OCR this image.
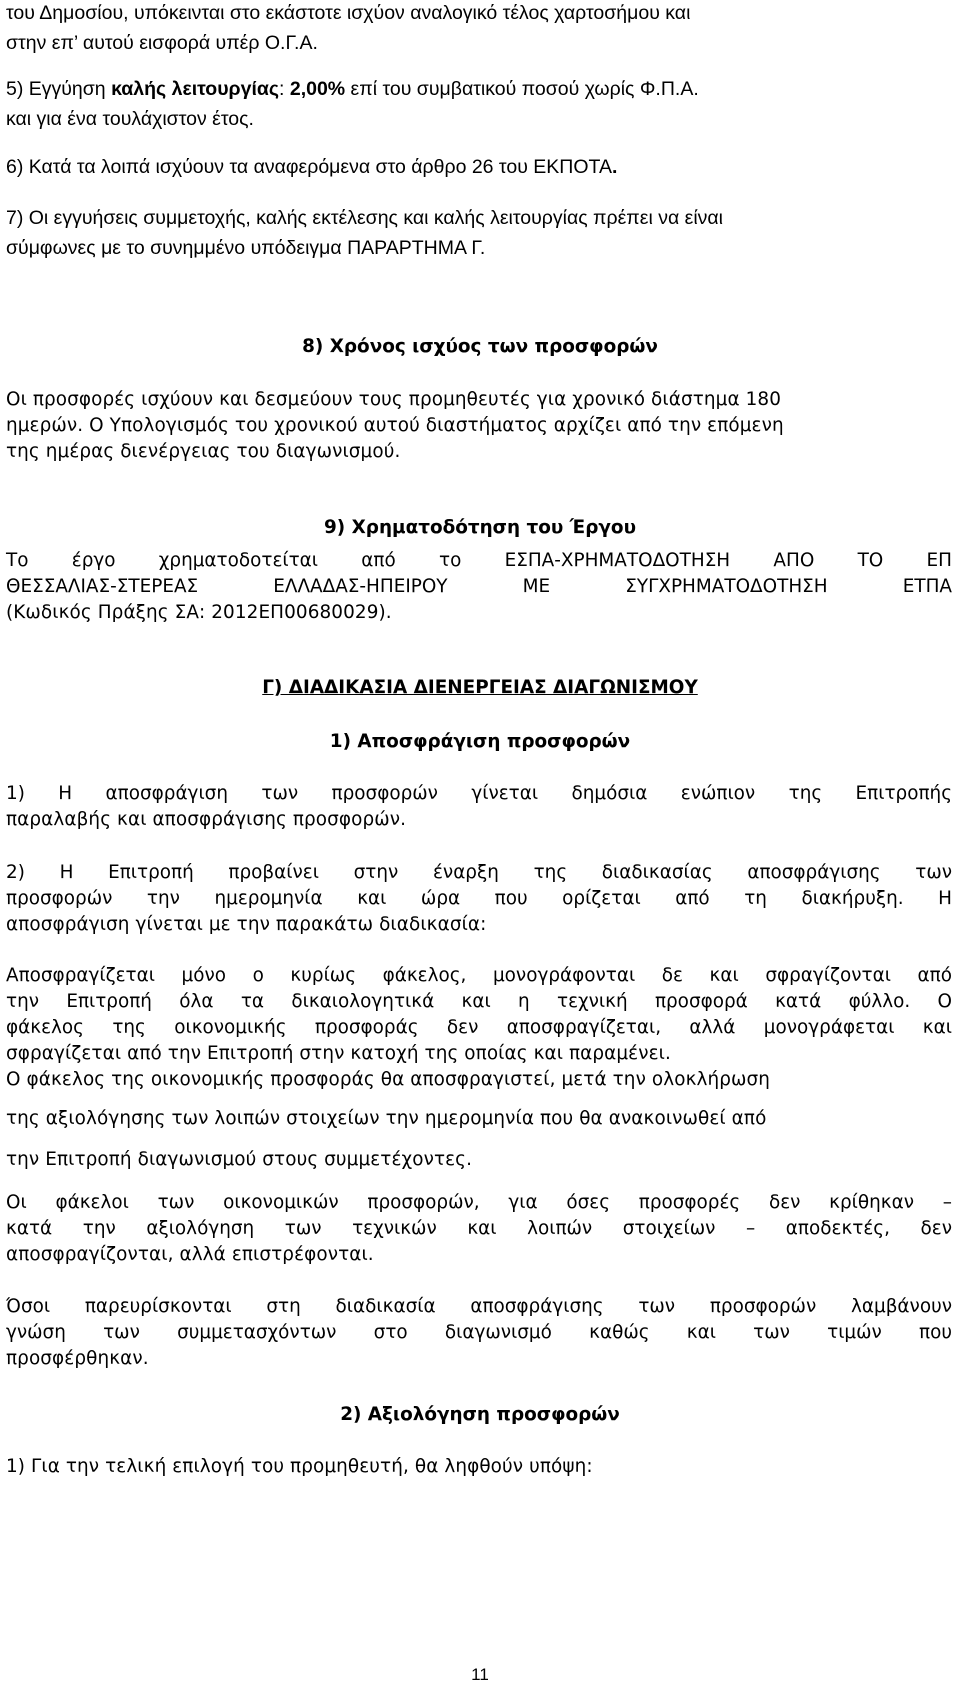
του Δημοσίου, υπόκεινται στο εκάστοτε ισχύον αναλογικό τέλος χαρτοσήμου και
στην επ’ αυτού εισφορά υπέρ Ο.Γ.Α.
5) Εγγύηση καλής λειτουργίας: 2,00% επί του συμβατικού ποσού χωρίς Φ.Π.Α.
και για ένα τουλάχιστον έτος.
6) Κατά τα λοιπά ισχύουν τα αναφερόμενα στο άρθρο 26 του ΕΚΠΟΤΑ.
7) Οι εγγυήσεις συμμετοχής, καλής εκτέλεσης και καλής λειτουργίας πρέπει να είναι
σύμφωνες με το συνημμένο υπόδειγμα ΠΑΡΑΡΤΗΜΑ Γ.
8) Χρόνος ισχύος των προσφορών
Οι προσφορές ισχύουν και δεσμεύουν τους προμηθευτές για χρονικό διάστημα 180
ημερών. Ο Υπολογισμός του χρονικού αυτού διαστήματος αρχίζει από την επόμενη
της ημέρας διενέργειας του διαγωνισμού.
9) Χρηματοδότηση του Έργου
Το έργο χρηματοδοτείται από το ΕΣΠΑ-ΧΡΗΜΑΤΟΔΟΤΗΣΗ ΑΠΟ ΤΟ ΕΠ
ΘΕΣΣΑΛΙΑΣ-ΣΤΕΡΕΑΣ ΕΛΛΑΔΑΣ-ΗΠΕΙΡΟΥ ΜΕ ΣΥΓΧΡΗΜΑΤΟΔΟΤΗΣΗ ΕΤΠΑ
(Κωδικός Πράξης ΣΑ: 2012ΕΠ00680029).
Γ) ΔΙΑΔΙΚΑΣΙΑ ΔΙΕΝΕΡΓΕΙΑΣ ΔΙΑΓΩΝΙΣΜΟΥ
1) Αποσφράγιση προσφορών
1) Η αποσφράγιση των προσφορών γίνεται δημόσια ενώπιον της Επιτροπής
παραλαβής και αποσφράγισης προσφορών.
2) Η Επιτροπή προβαίνει στην έναρξη της διαδικασίας αποσφράγισης των
προσφορών την ημερομηνία και ώρα που ορίζεται από τη διακήρυξη. Η
αποσφράγιση γίνεται με την παρακάτω διαδικασία:
Αποσφραγίζεται μόνο ο κυρίως φάκελος, μονογράφονται δε και σφραγίζονται από
την Επιτροπή όλα τα δικαιολογητικά και η τεχνική προσφορά κατά φύλλο. Ο
φάκελος της οικονομικής προσφοράς δεν αποσφραγίζεται, αλλά μονογράφεται και
σφραγίζεται από την Επιτροπή στην κατοχή της οποίας και παραμένει.
Ο φάκελος της οικονομικής προσφοράς θα αποσφραγιστεί, μετά την ολοκλήρωση
της αξιολόγησης των λοιπών στοιχείων την ημερομηνία που θα ανακοινωθεί από
την Επιτροπή διαγωνισμού στους συμμετέχοντες.
Οι φάκελοι των οικονομικών προσφορών, για όσες προσφορές δεν κρίθηκαν –
κατά την αξιολόγηση των τεχνικών και λοιπών στοιχείων – αποδεκτές, δεν
αποσφραγίζονται, αλλά επιστρέφονται.
Όσοι παρευρίσκονται στη διαδικασία αποσφράγισης των προσφορών λαμβάνουν
γνώση των συμμετασχόντων στο διαγωνισμό καθώς και των τιμών που
προσφέρθηκαν.
2) Αξιολόγηση προσφορών
1) Για την τελική επιλογή του προμηθευτή, θα ληφθούν υπόψη:
11
